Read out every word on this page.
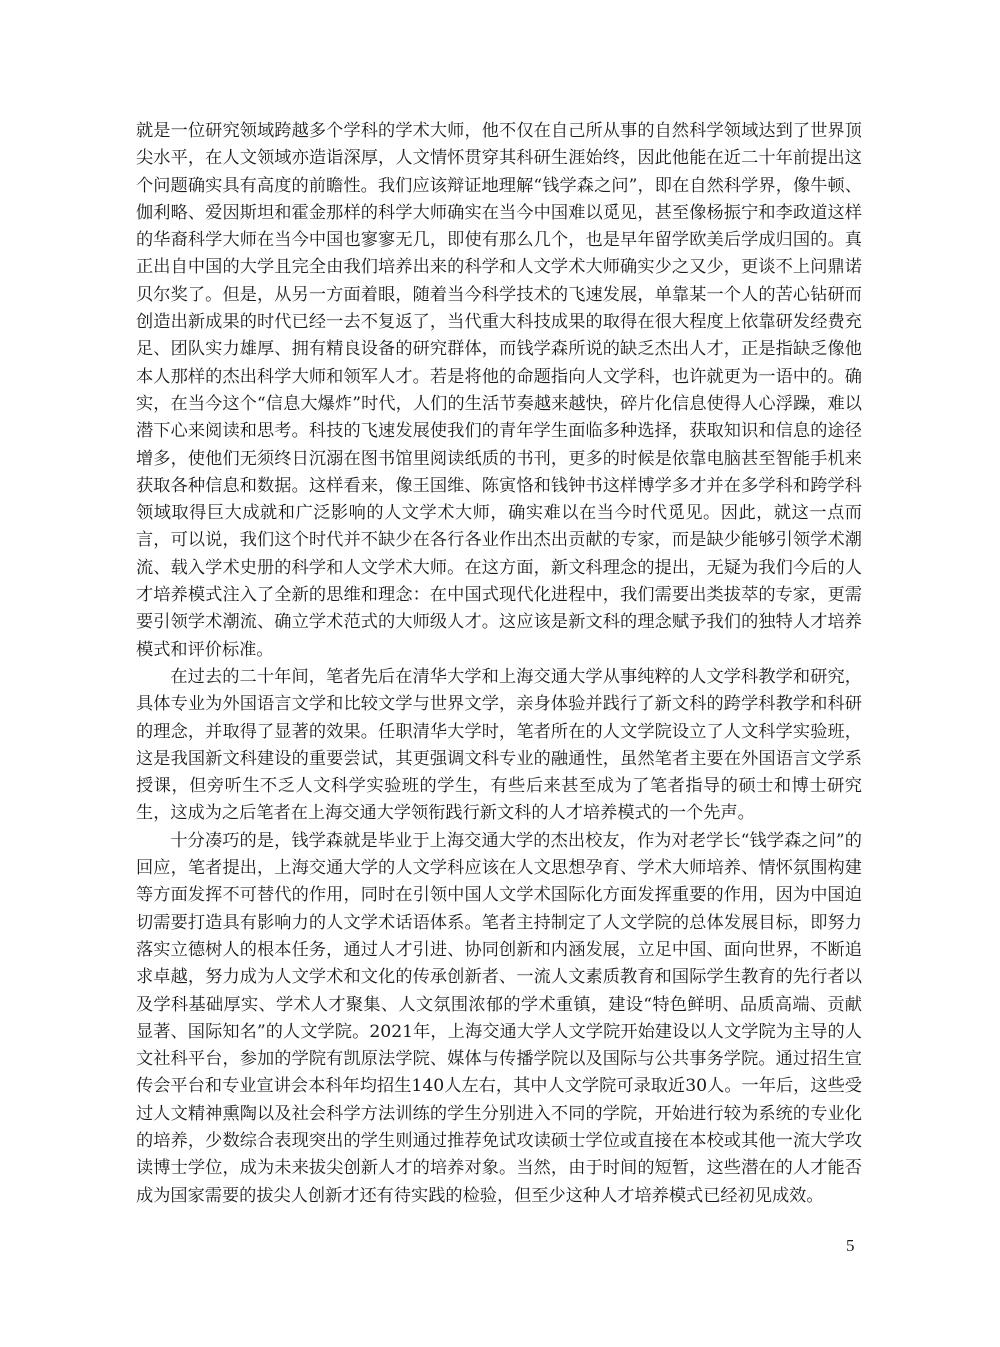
就是一位研究领域跨越多个学科的学术大师，他不仅在自己所从事的自然科学领域达到了世界顶尖水平，在人文领域亦造诣深厚，人文情怀贯穿其科研生涯始终，因此他能在近二十年前提出这个问题确实具有高度的前瞻性。我们应该辩证地理解“钱学森之问”，即在自然科学界，像牛顿、伽利略、爱因斯坦和霍金那样的科学大师确实在当今中国难以觅见，甚至像杨振宁和李政道这样的华裔科学大师在当今中国也寥寥无几，即使有那么几个，也是早年留学欧美后学成归国的。真正出自中国的大学且完全由我们培养出来的科学和人文学术大师确实少之又少，更谈不上问鼎诺贝尔奖了。但是，从另一方面着眼，随着当今科学技术的飞速发展，单靠某一个人的苦心钻研而创造出新成果的时代已经一去不复返了，当代重大科技成果的取得在很大程度上依靠研发经费充足、团队实力雄厚、拥有精良设备的研究群体，而钱学森所说的缺乏杰出人才，正是指缺乏像他本人那样的杰出科学大师和领军人才。若是将他的命题指向人文学科，也许就更为一语中的。确实，在当今这个“信息大爆炸”时代，人们的生活节奏越来越快，碎片化信息使得人心浮躁，难以潜下心来阅读和思考。科技的飞速发展使我们的青年学生面临多种选择，获取知识和信息的途径增多，使他们无须终日沉溺在图书馆里阅读纸质的书刊，更多的时候是依靠电脑甚至智能手机来获取各种信息和数据。这样看来，像王国维、陈寅恪和钱钟书这样博学多才并在多学科和跨学科领域取得巨大成就和广泛影响的人文学术大师，确实难以在当今时代觅见。因此，就这一点而言，可以说，我们这个时代并不缺少在各行各业作出杰出贡献的专家，而是缺少能够引领学术潮流、载入学术史册的科学和人文学术大师。在这方面，新文科理念的提出，无疑为我们今后的人才培养模式注入了全新的思维和理念：在中国式现代化进程中，我们需要出类拔萃的专家，更需要引领学术潮流、确立学术范式的大师级人才。这应该是新文科的理念赋予我们的独特人才培养模式和评价标准。

在过去的二十年间，笔者先后在清华大学和上海交通大学从事纯粹的人文学科教学和研究，具体专业为外国语言文学和比较文学与世界文学，亲身体验并践行了新文科的跨学科教学和科研的理念，并取得了显著的效果。任职清华大学时，笔者所在的人文学院设立了人文科学实验班，这是我国新文科建设的重要尝试，其更强调文科专业的融通性，虽然笔者主要在外国语言文学系授课，但旁听生不乏人文科学实验班的学生，有些后来甚至成为了笔者指导的硕士和博士研究生，这成为之后笔者在上海交通大学领衔践行新文科的人才培养模式的一个先声。

十分凑巧的是，钱学森就是毕业于上海交通大学的杰出校友，作为对老学长“钱学森之问”的回应，笔者提出，上海交通大学的人文学科应该在人文思想孕育、学术大师培养、情怀氛围构建等方面发挥不可替代的作用，同时在引领中国人文学术国际化方面发挥重要的作用，因为中国迫切需要打造具有影响力的人文学术话语体系。笔者主持制定了人文学院的总体发展目标，即努力落实立德树人的根本任务，通过人才引进、协同创新和内涵发展，立足中国、面向世界，不断追求卓越，努力成为人文学术和文化的传承创新者、一流人文素质教育和国际学生教育的先行者以及学科基础厚实、学术人才聚集、人文氛围浓郁的学术重镇，建设“特色鲜明、品质高端、贡献显著、国际知名”的人文学院。2021年，上海交通大学人文学院开始建设以人文学院为主导的人文社科平台，参加的学院有凯原法学院、媒体与传播学院以及国际与公共事务学院。通过招生宣传会平台和专业宣讲会本科年均招生140人左右，其中人文学院可录取近30人。一年后，这些受过人文精神熏陶以及社会科学方法训练的学生分别进入不同的学院，开始进行较为系统的专业化的培养，少数综合表现突出的学生则通过推荐免试攻读硕士学位或直接在本校或其他一流大学攻读博士学位，成为未来拔尖创新人才的培养对象。当然，由于时间的短暂，这些潜在的人才能否成为国家需要的拔尖人创新才还有待实践的检验，但至少这种人才培养模式已经初见成效。

5
